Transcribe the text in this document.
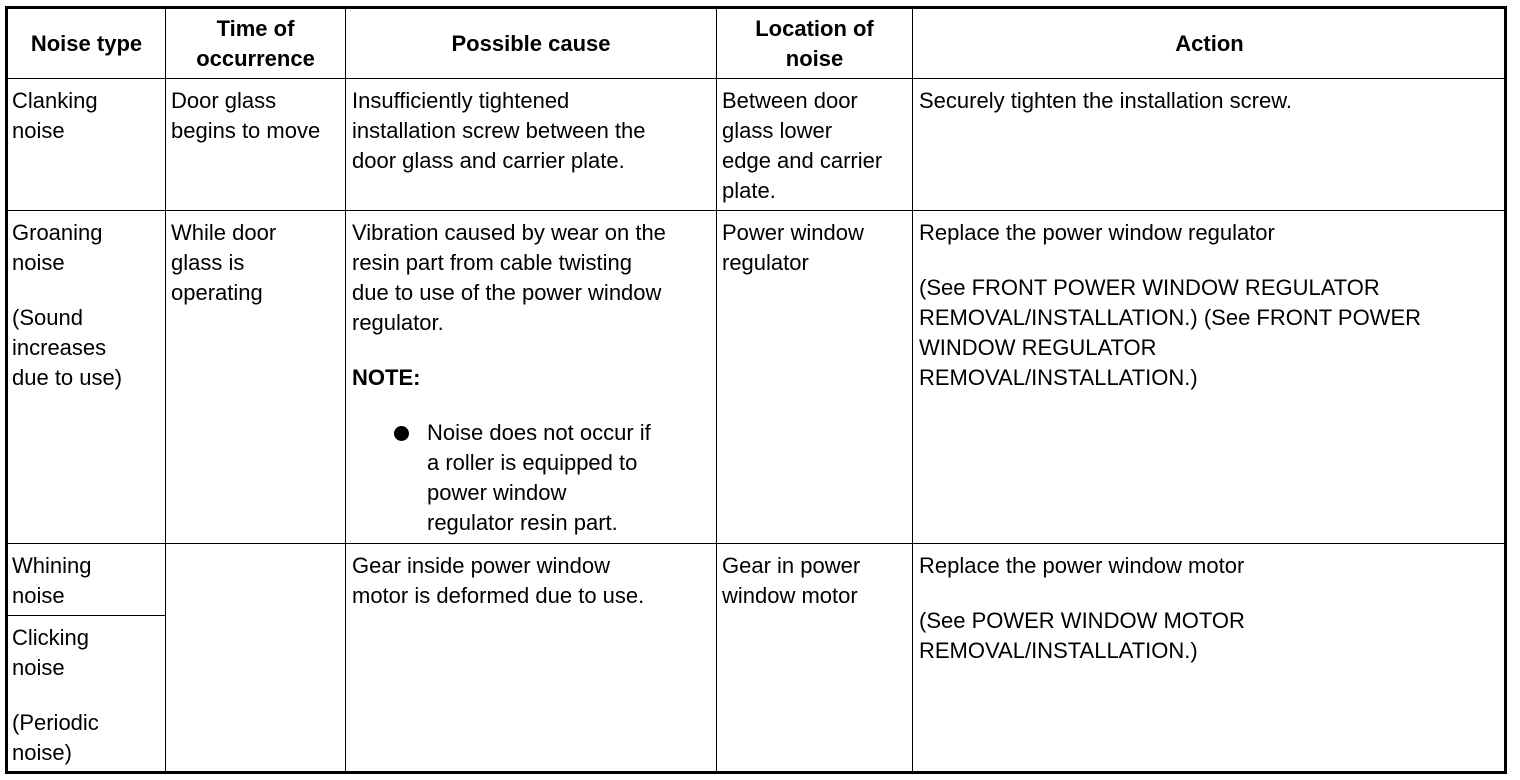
Noise type
Time of
occurrence
Possible cause
Location of
noise
Action
Clanking
noise
Door glass
begins to move
Insufficiently tightened
installation screw between the
door glass and carrier plate.
Between door
glass lower
edge and carrier
plate.
Securely tighten the installation screw.
Groaning
noise
(Sound
increases
due to use)
While door
glass is
operating
Vibration caused by wear on the
resin part from cable twisting
due to use of the power window
regulator.
NOTE:
Noise does not occur if
a roller is equipped to
power window
regulator resin part.
Power window
regulator
Replace the power window regulator
(See FRONT POWER WINDOW REGULATOR
REMOVAL/INSTALLATION.) (See FRONT POWER
WINDOW REGULATOR
REMOVAL/INSTALLATION.)
Whining
noise
Clicking
noise
(Periodic
noise)
Gear inside power window
motor is deformed due to use.
Gear in power
window motor
Replace the power window motor
(See POWER WINDOW MOTOR
REMOVAL/INSTALLATION.)
